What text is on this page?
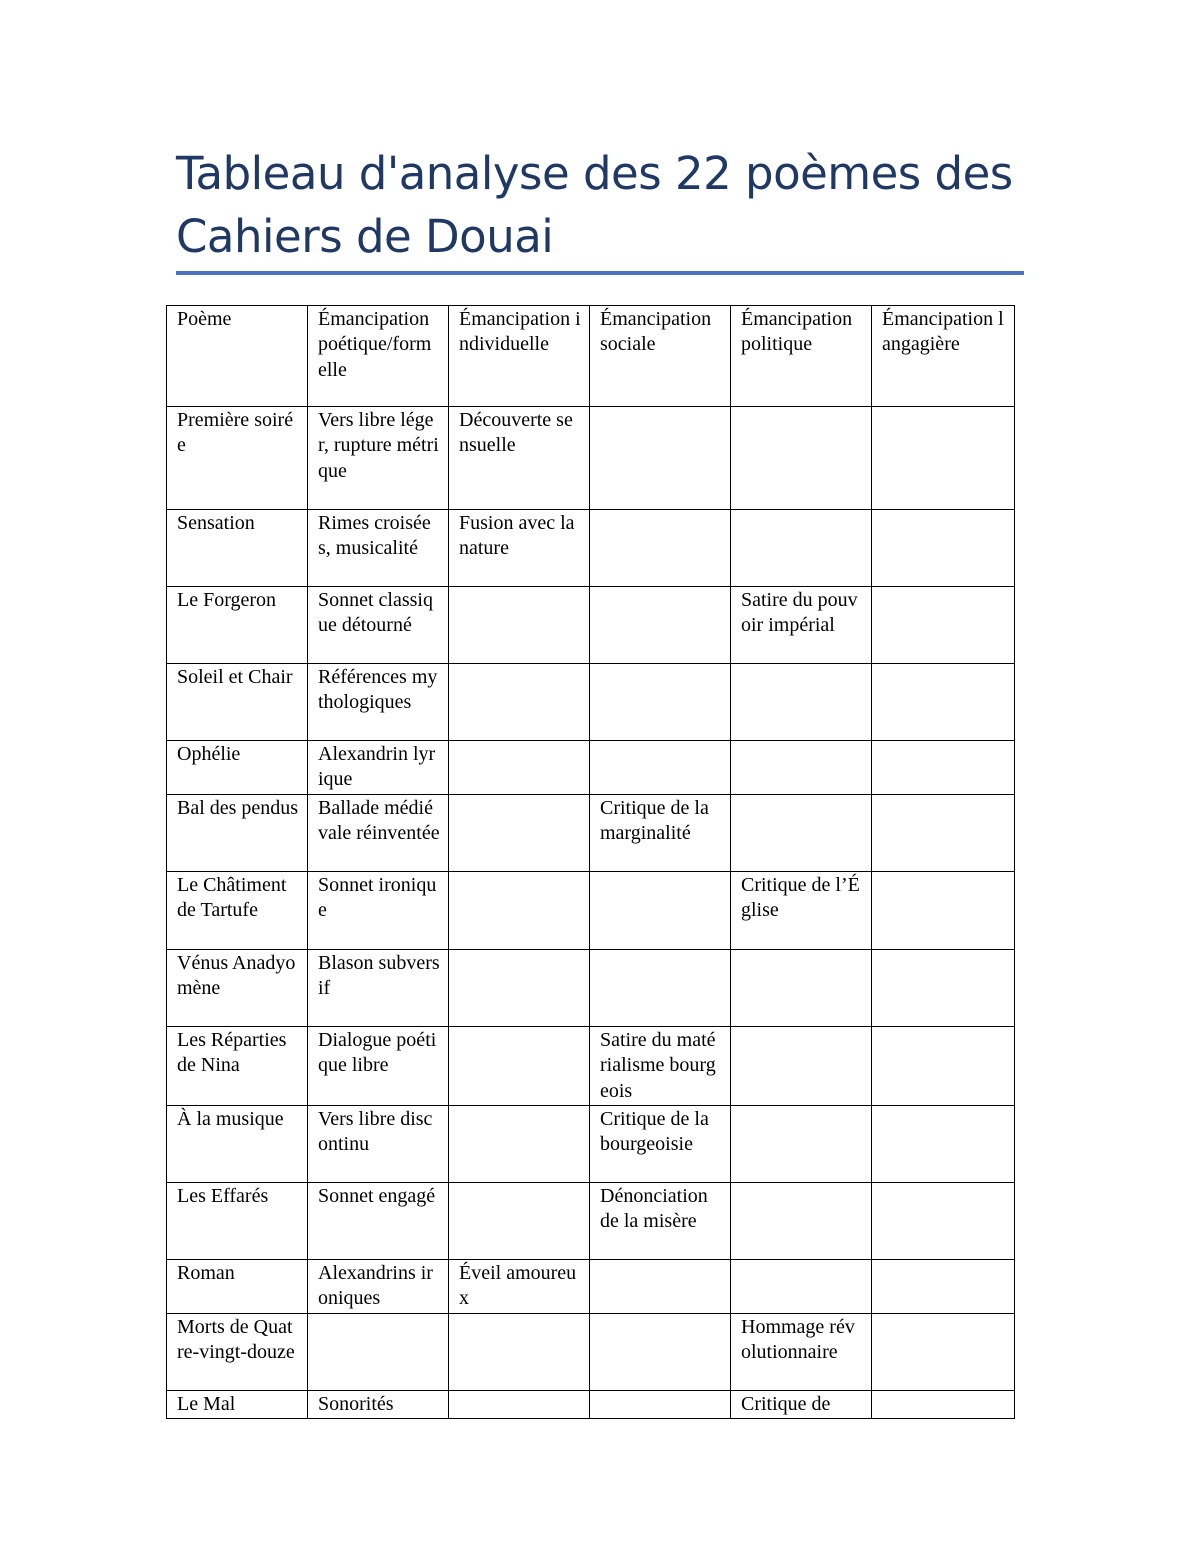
Tableau d'analyse des 22 poèmes des
Cahiers de Douai
Poème	Émancipation poétique/formelle	Émancipation individuelle	Émancipation sociale	Émancipation politique	Émancipation langagière
Première soirée	Vers libre léger, rupture métrique	Découverte sensuelle			
Sensation	Rimes croisées, musicalité	Fusion avec la nature			
Le Forgeron	Sonnet classique détourné			Satire du pouvoir impérial	
Soleil et Chair	Références mythologiques				
Ophélie	Alexandrin lyrique				
Bal des pendus	Ballade médiévale réinventée		Critique de la marginalité		
Le Châtiment de Tartufe	Sonnet ironique			Critique de l’Église	
Vénus Anadyomène	Blason subversif				
Les Réparties de Nina	Dialogue poétique libre		Satire du matérialisme bourgeois		
À la musique	Vers libre discontinu		Critique de la bourgeoisie		
Les Effarés	Sonnet engagé		Dénonciation de la misère		
Roman	Alexandrins ironiques	Éveil amoureux			
Morts de Quatre-vingt-douze				Hommage révolutionnaire	
Le Mal	Sonorités			Critique de	
